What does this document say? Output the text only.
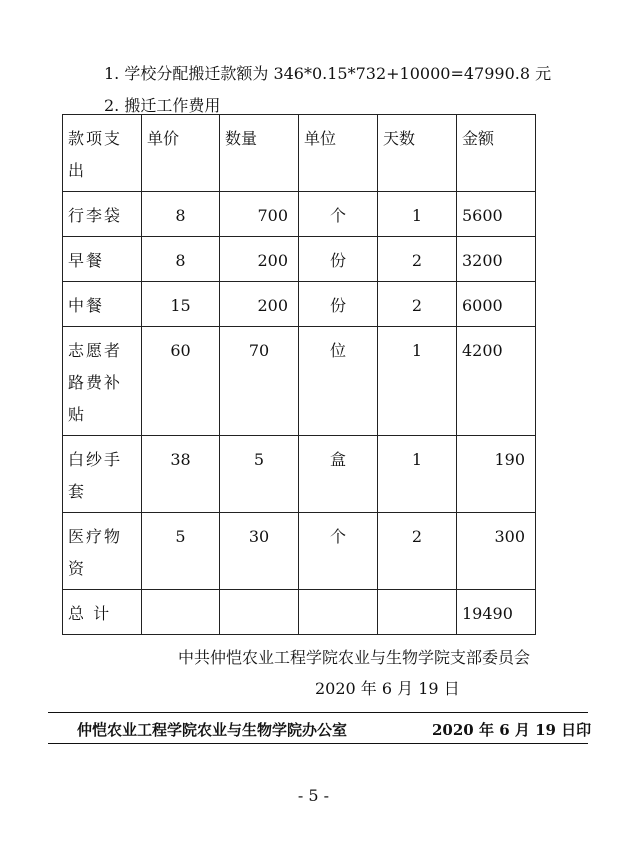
1. 学校分配搬迁款额为 346*0.15*732+10000=47990.8 元
2. 搬迁工作费用
款项支出	单价	数量	单位	天数	金额
行李袋	8	700	个	1	5600
早餐	8	200	份	2	3200
中餐	15	200	份	2	6000
志愿者路费补贴	60	70	位	1	4200
白纱手套	38	5	盒	1	190
医疗物资	5	30	个	2	300
总 计					19490
中共仲恺农业工程学院农业与生物学院支部委员会
2020 年 6 月 19 日
仲恺农业工程学院农业与生物学院办公室	2020 年 6 月 19 日印
- 5 -
